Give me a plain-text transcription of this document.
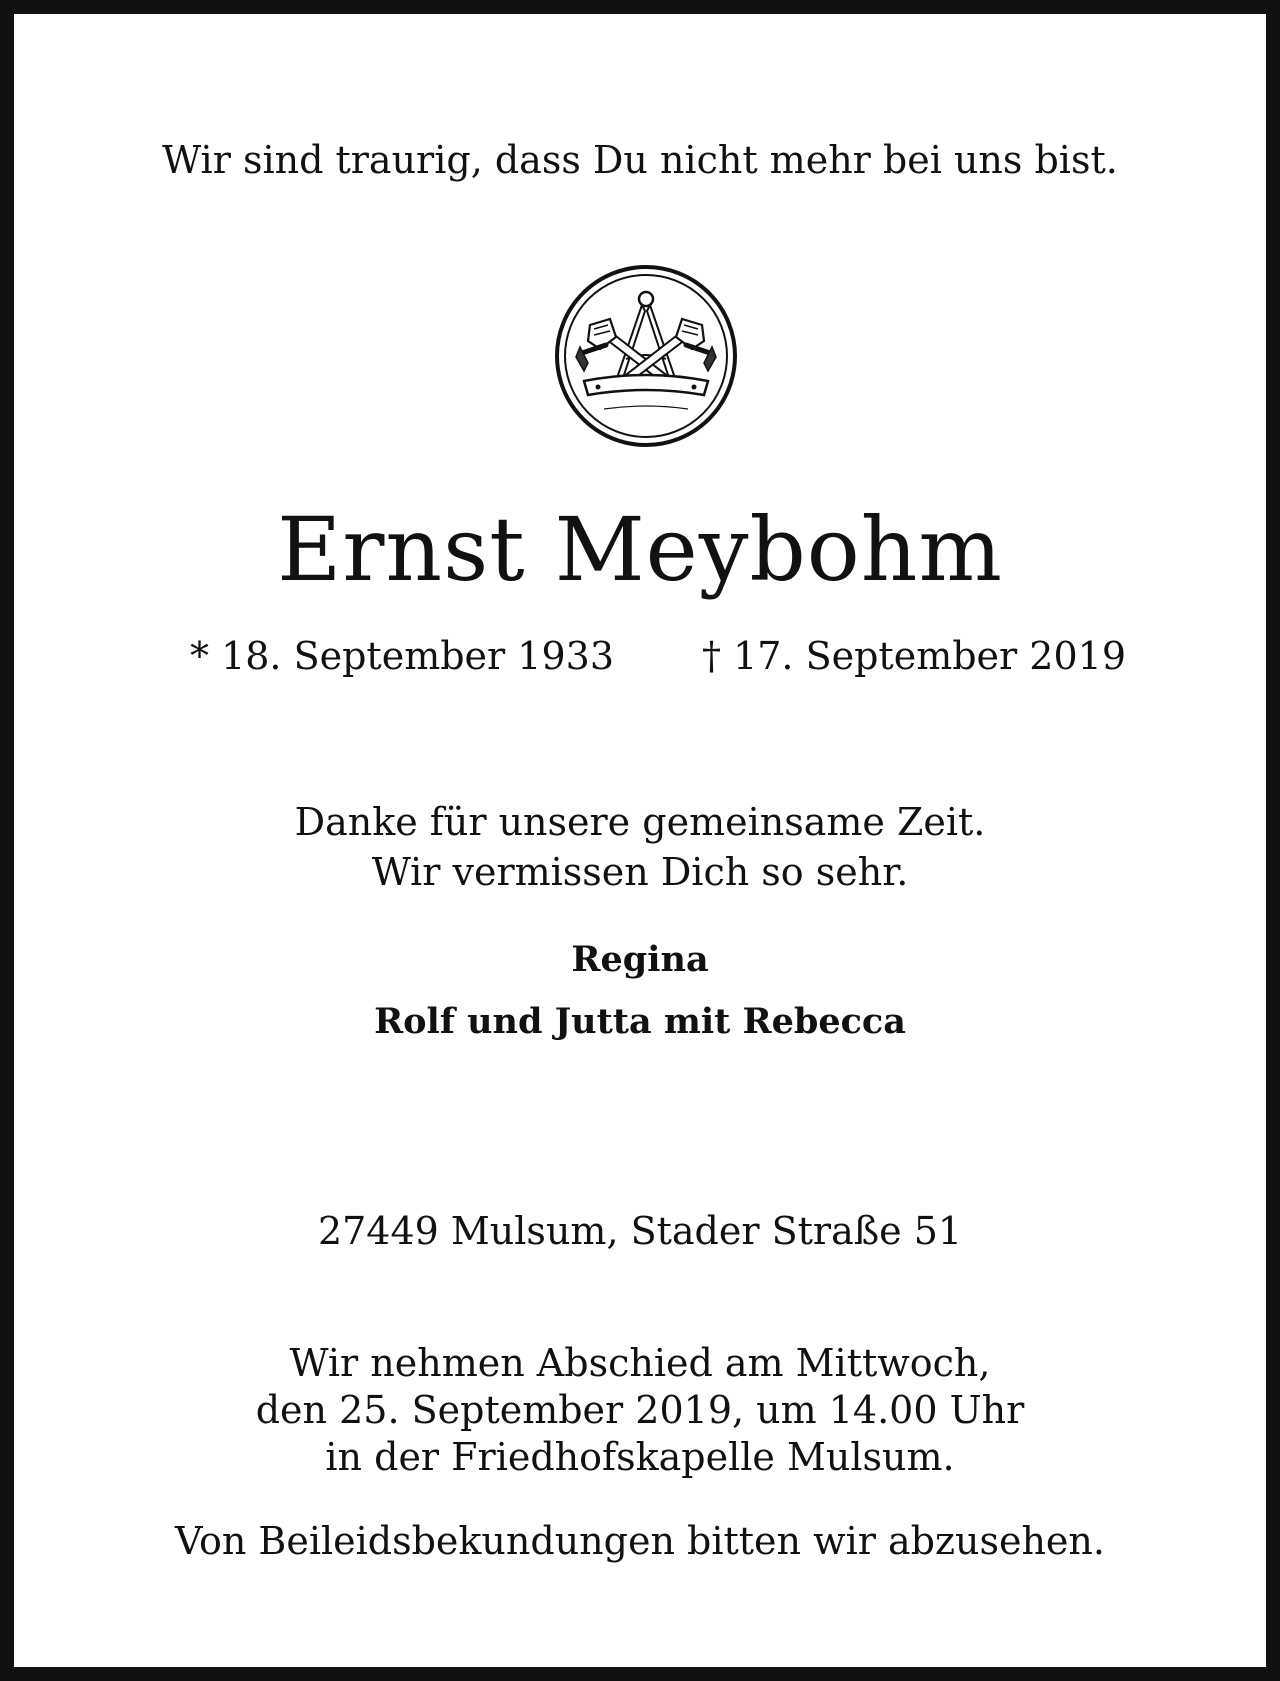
Wir sind traurig, dass Du nicht mehr bei uns bist.

Ernst Meybohm

* 18. September 1933 † 17. September 2019

Danke für unsere gemeinsame Zeit.

Wir vermissen Dich so sehr.

Regina

Rolf und Jutta mit Rebecca

27449 Mulsum, Stader Straße 51

Wir nehmen Abschied am Mittwoch,

den 25. September 2019, um 14.00 Uhr

in der Friedhofskapelle Mulsum.

Von Beileidsbekundungen bitten wir abzusehen.
